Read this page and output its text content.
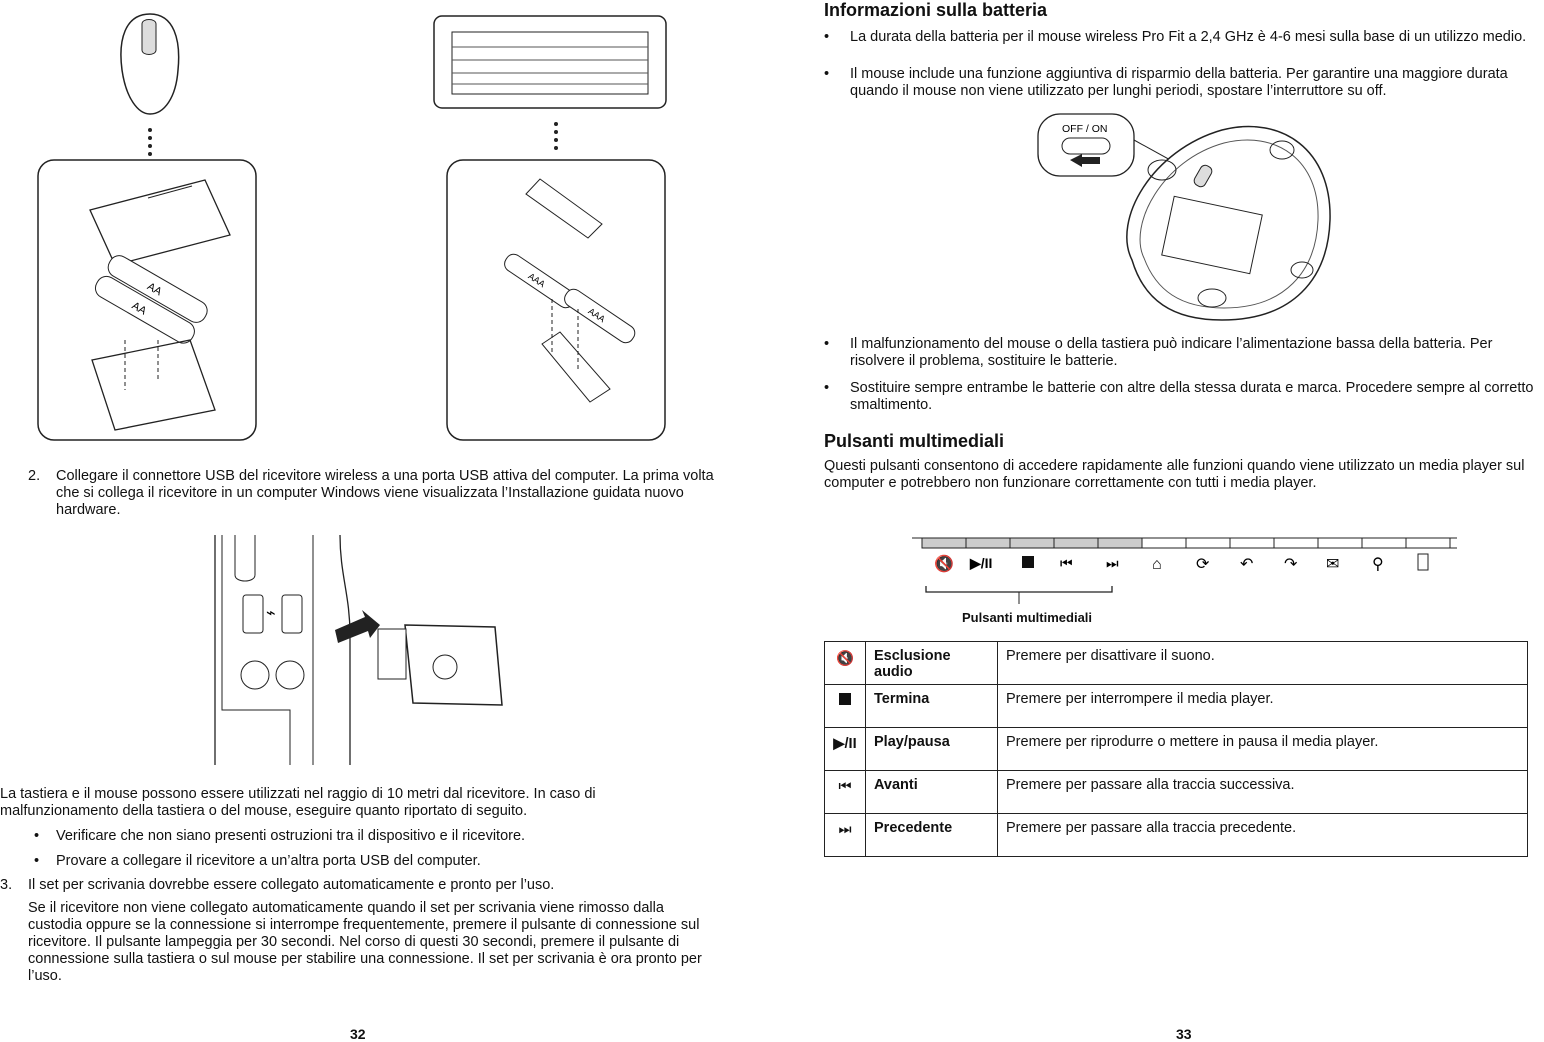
AA
AA
AAA
AAA
2. Collegare il connettore USB del ricevitore wireless a una porta USB attiva del computer. La prima volta che si collega il ricevitore in un computer Windows viene visualizzata l’Installazione guidata nuovo hardware.
⌁
La tastiera e il mouse possono essere utilizzati nel raggio di 10 metri dal ricevitore. In caso di malfunzionamento della tastiera o del mouse, eseguire quanto riportato di seguito.
• Verificare che non siano presenti ostruzioni tra il dispositivo e il ricevitore.
• Provare a collegare il ricevitore a un’altra porta USB del computer.
3. Il set per scrivania dovrebbe essere collegato automaticamente e pronto per l’uso.
Se il ricevitore non viene collegato automaticamente quando il set per scrivania viene rimosso dalla custodia oppure se la connessione si interrompe frequentemente, premere il pulsante di connessione sul ricevitore. Il pulsante lampeggia per 30 secondi. Nel corso di questi 30 secondi, premere il pulsante di connessione sulla tastiera o sul mouse per stabilire una connessione. Il set per scrivania è ora pronto per l’uso.
32
Informazioni sulla batteria
• La durata della batteria per il mouse wireless Pro Fit a 2,4 GHz è 4-6 mesi sulla base di un utilizzo medio.
• Il mouse include una funzione aggiuntiva di risparmio della batteria. Per garantire una maggiore durata quando il mouse non viene utilizzato per lunghi periodi, spostare l’interruttore su off.
OFF / ON
• Il malfunzionamento del mouse o della tastiera può indicare l’alimentazione bassa della batteria. Per risolvere il problema, sostituire le batterie.
• Sostituire sempre entrambe le batterie con altre della stessa durata e marca. Procedere sempre al corretto smaltimento.
Pulsanti multimediali
Questi pulsanti consentono di accedere rapidamente alle funzioni quando viene utilizzato un media player sul computer e potrebbero non funzionare correttamente con tutti i media player.
🔇 ▶/II	⏮ ⏭ ⌂ ⟳ ↶ ↷ ✉ ⚲
Pulsanti multimediali
🔇	Esclusione audio	Premere per disattivare il suono.
	Termina	Premere per interrompere il media player.
▶/II	Play/pausa	Premere per riprodurre o mettere in pausa il media player.
⏮	Avanti	Premere per passare alla traccia successiva.
⏭	Precedente	Premere per passare alla traccia precedente.
33
